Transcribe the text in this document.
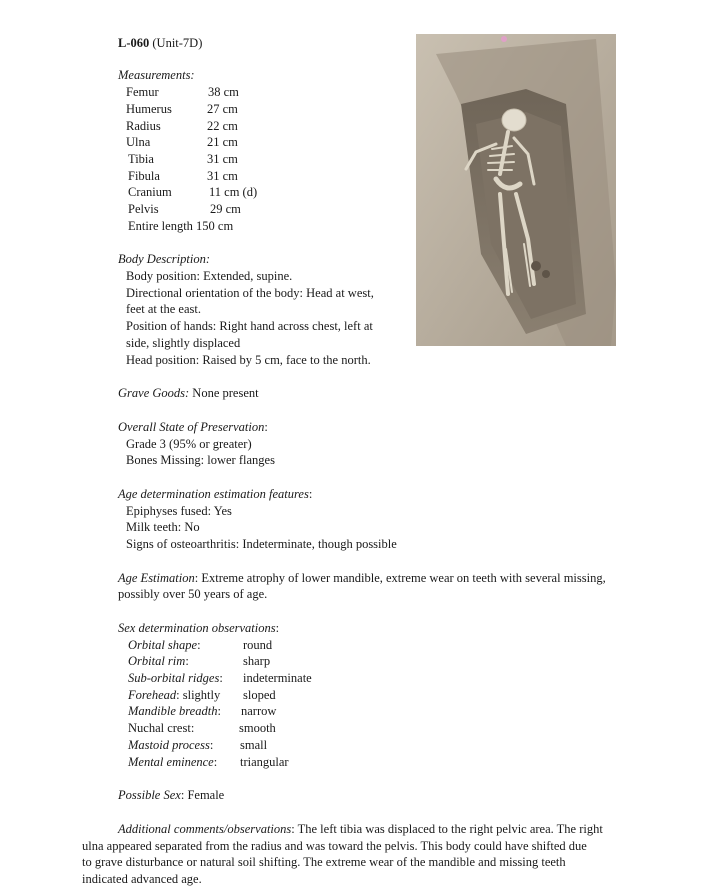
L-060 (Unit-7D)
Measurements:
Femur	38 cm
Humerus	27 cm
Radius	22 cm
Ulna	21 cm
Tibia	31 cm
Fibula	31 cm
Cranium	11 cm (d)
Pelvis	29 cm
Entire length 150 cm
Body Description:
Body position: Extended, supine.
Directional orientation of the body: Head at west,
feet at the east.
Position of hands: Right hand across chest, left at
side, slightly displaced
Head position: Raised by 5 cm, face to the north.
Grave Goods: None present
Overall State of Preservation:
Grade 3 (95% or greater)
Bones Missing: lower flanges
Age determination estimation features:
Epiphyses fused: Yes
Milk teeth: No
Signs of osteoarthritis: Indeterminate, though possible
Age Estimation: Extreme atrophy of lower mandible, extreme wear on teeth with several missing,
possibly over 50 years of age.
Sex determination observations:
Orbital shape:	round
Orbital rim:	sharp
Sub-orbital ridges: indeterminate
Forehead: slightly sloped
Mandible breadth: narrow
Nuchal crest:	smooth
Mastoid process: small
Mental eminence: triangular
Possible Sex: Female
Additional comments/observations: The left tibia was displaced to the right pelvic area. The right
ulna appeared separated from the radius and was toward the pelvis. This body could have shifted due
to grave disturbance or natural soil shifting. The extreme wear of the mandible and missing teeth
indicated advanced age.
